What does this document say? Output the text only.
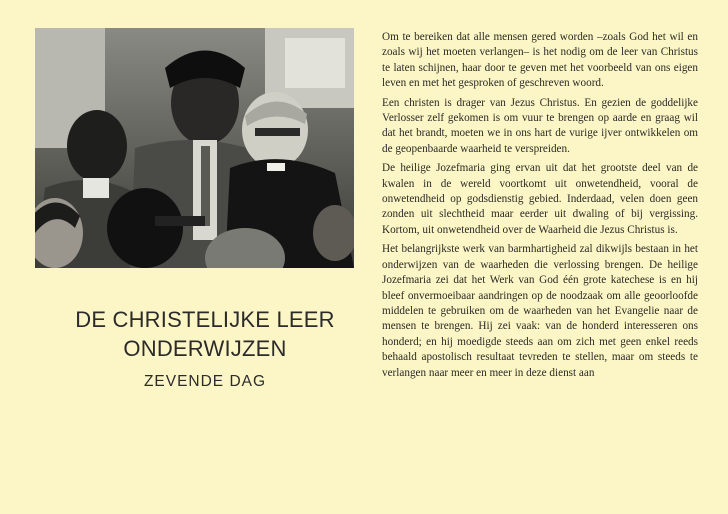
DE CHRISTELIJKE LEER
ONDERWIJZEN
ZEVENDE DAG

Om te bereiken dat alle mensen gered worden –zoals God het wil en zoals wij het moeten verlangen– is het nodig om de leer van Christus te laten schijnen, haar door te geven met het voorbeeld van ons eigen leven en met het gesproken of geschreven woord.

Een christen is drager van Jezus Christus. En gezien de goddelijke Verlosser zelf gekomen is om vuur te brengen op aarde en graag wil dat het brandt, moeten we in ons hart de vurige ijver ontwikkelen om de geopenbaarde waarheid te verspreiden.

De heilige Jozefmaria ging ervan uit dat het grootste deel van de kwalen in de wereld voortkomt uit onwetendheid, vooral de onwetendheid op godsdienstig gebied. Inderdaad, velen doen geen zonden uit slechtheid maar eerder uit dwaling of bij vergissing. Kortom, uit onwetendheid over de Waarheid die Jezus Christus is.

Het belangrijkste werk van barmhartigheid zal dikwijls bestaan in het onderwijzen van de waarheden die verlossing brengen. De heilige Jozefmaria zei dat het Werk van God één grote katechese is en hij bleef onvermoeibaar aandringen op de noodzaak om alle geoorloofde middelen te gebruiken om de waarheden van het Evangelie naar de mensen te brengen. Hij zei vaak: van de honderd interesseren ons honderd; en hij moedigde steeds aan om zich met geen enkel reeds behaald apostolisch resultaat tevreden te stellen, maar om steeds te verlangen naar meer en meer in deze dienst aan
